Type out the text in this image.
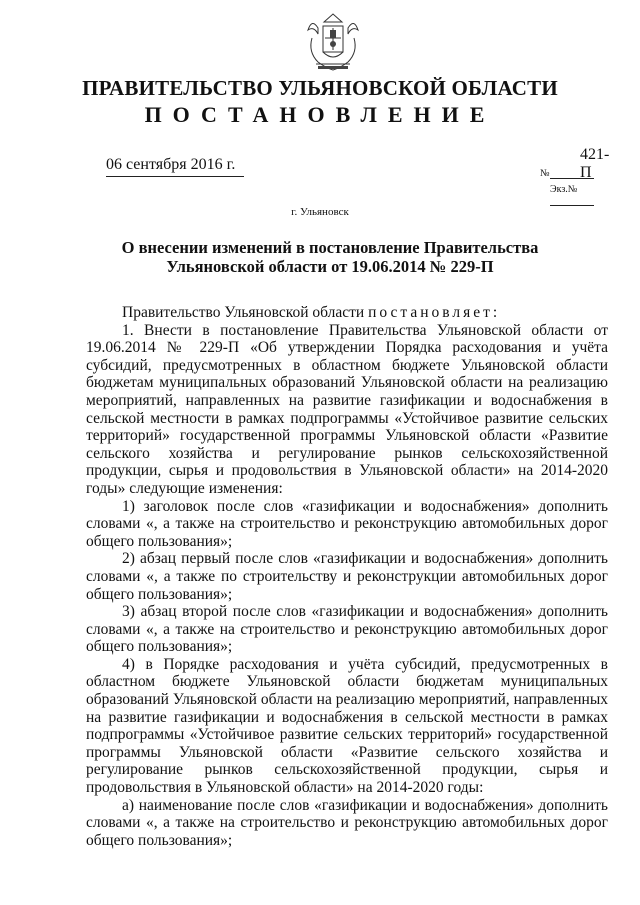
ПРАВИТЕЛЬСТВО УЛЬЯНОВСКОЙ ОБЛАСТИ
ПОСТАНОВЛЕНИЕ
06 сентября 2016 г.
421-П
№
Экз.№
г. Ульяновск
О внесении изменений в постановление Правительства
Ульяновской области от 19.06.2014 № 229-П

Правительство Ульяновской области постановляет:

1. Внести в постановление Правительства Ульяновской области от 19.06.2014 № 229-П «Об утверждении Порядка расходования и учёта субсидий, предусмотренных в областном бюджете Ульяновской области бюджетам муниципальных образований Ульяновской области на реализацию мероприятий, направленных на развитие газификации и водоснабжения в сельской местности в рамках подпрограммы «Устойчивое развитие сельских территорий» государственной программы Ульяновской области «Развитие сельского хозяйства и регулирование рынков сельскохозяйственной продукции, сырья и продовольствия в Ульяновской области» на 2014-2020 годы» следующие изменения:

1) заголовок после слов «газификации и водоснабжения» дополнить словами «, а также на строительство и реконструкцию автомобильных дорог общего пользования»;

2) абзац первый после слов «газификации и водоснабжения» дополнить словами «, а также по строительству и реконструкции автомобильных дорог общего пользования»;

3) абзац второй после слов «газификации и водоснабжения» дополнить словами «, а также на строительство и реконструкцию автомобильных дорог общего пользования»;

4) в Порядке расходования и учёта субсидий, предусмотренных в областном бюджете Ульяновской области бюджетам муниципальных образований Ульяновской области на реализацию мероприятий, направленных на развитие газификации и водоснабжения в сельской местности в рамках подпрограммы «Устойчивое развитие сельских территорий» государственной программы Ульяновской области «Развитие сельского хозяйства и регулирование рынков сельскохозяйственной продукции, сырья и продовольствия в Ульяновской области» на 2014-2020 годы:

а) наименование после слов «газификации и водоснабжения» дополнить словами «, а также на строительство и реконструкцию автомобильных дорог общего пользования»;
